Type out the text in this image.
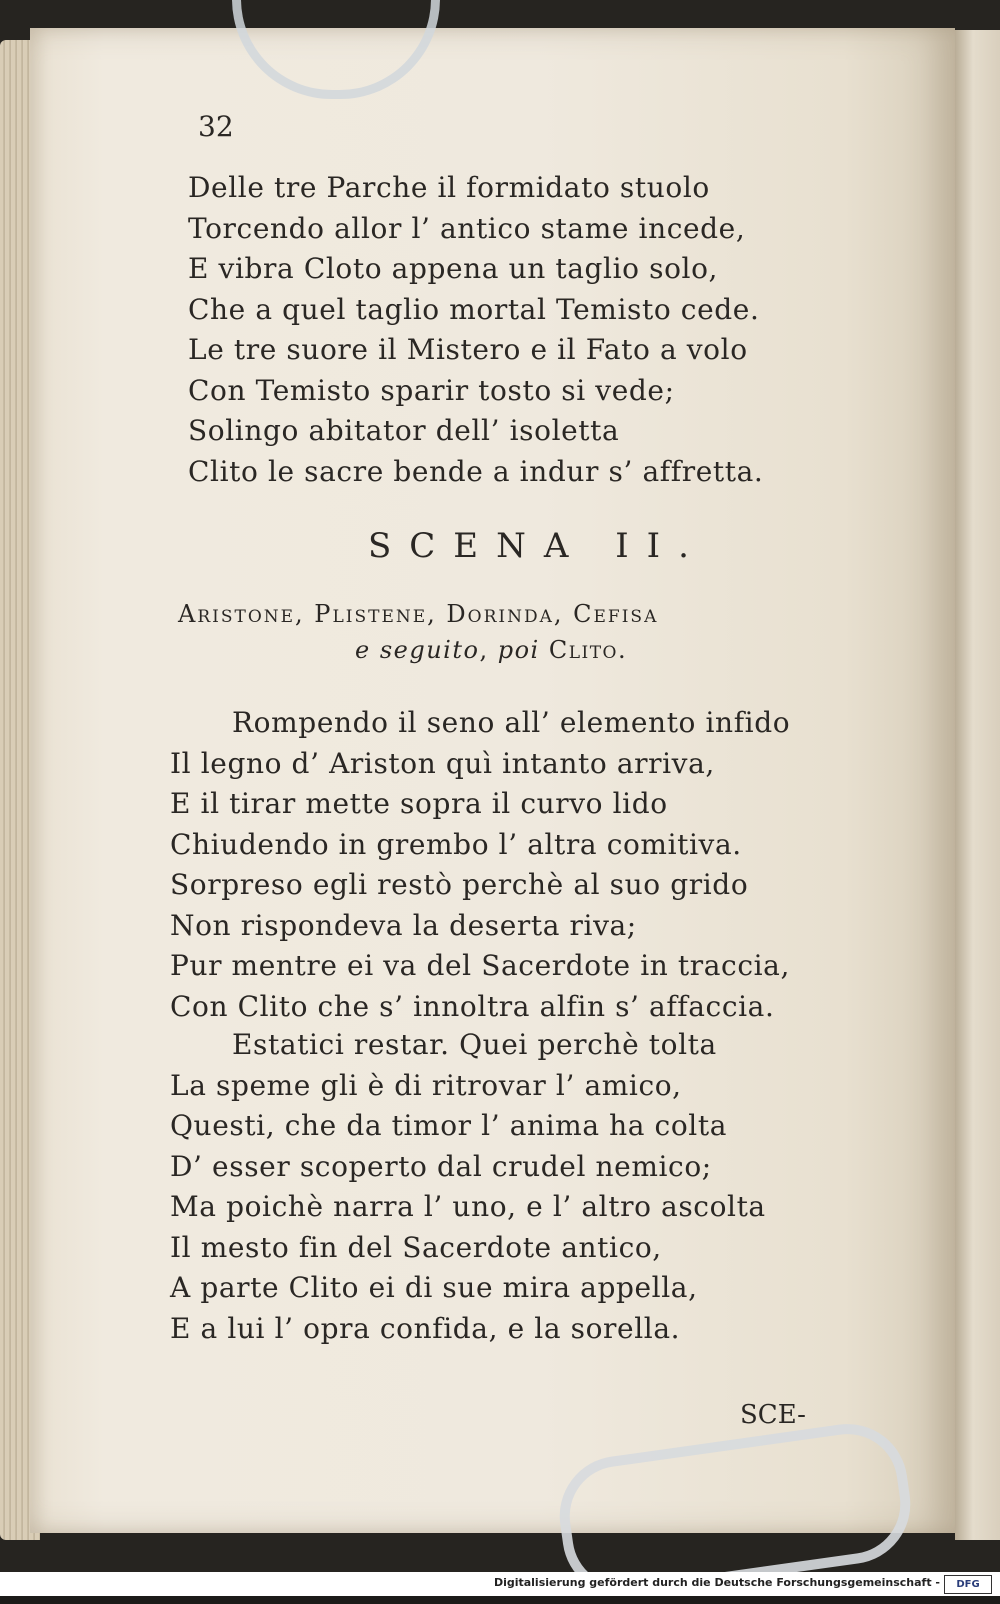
32
Delle tre Parche il formidato stuolo
Torcendo allor l’ antico stame incede,
E vibra Cloto appena un taglio solo,
Che a quel taglio mortal Temisto cede.
Le tre suore il Mistero e il Fato a volo
Con Temisto sparir tosto si vede;
Solingo abitator dell’ isoletta
Clito le sacre bende a indur s’ affretta.
SCENA II.
Aristone, Plistene, Dorinda, Cefisa
e seguito, poi Clito.
Rompendo il seno all’ elemento infido
Il legno d’ Ariston quì intanto arriva,
E il tirar mette sopra il curvo lido
Chiudendo in grembo l’ altra comitiva.
Sorpreso egli restò perchè al suo grido
Non rispondeva la deserta riva;
Pur mentre ei va del Sacerdote in traccia,
Con Clito che s’ innoltra alfin s’ affaccia.
Estatici restar. Quei perchè tolta
La speme gli è di ritrovar l’ amico,
Questi, che da timor l’ anima ha colta
D’ esser scoperto dal crudel nemico;
Ma poichè narra l’ uno, e l’ altro ascolta
Il mesto fin del Sacerdote antico,
A parte Clito ei di sue mira appella,
E a lui l’ opra confida, e la sorella.
SCE-
Digitalisierung gefördert durch die Deutsche Forschungsgemeinschaft -	DFG
